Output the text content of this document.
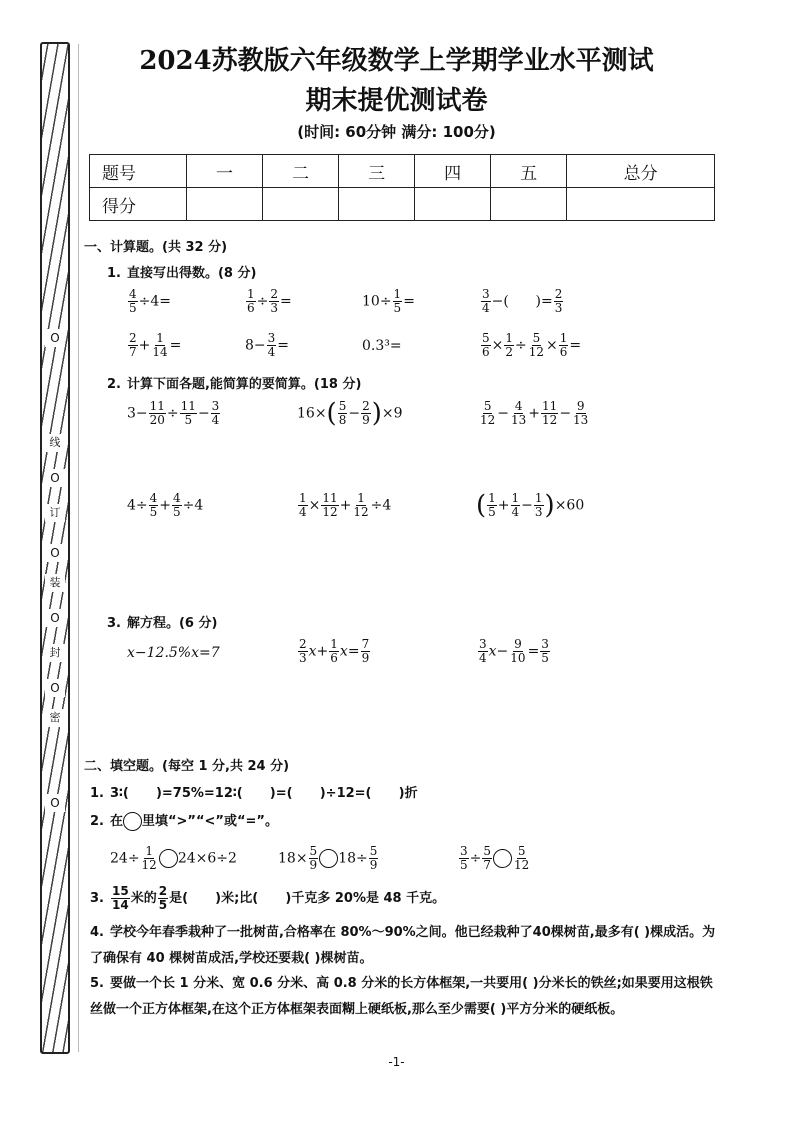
O
线
O
订
O
装
O
封
O
密
O
2024苏教版六年级数学上学期学业水平测试
期末提优测试卷
(时间: 60分钟 满分: 100分)
题号	一	二	三	四	五	总分
得分						
一、计算题。(共 32 分)
1. 直接写出得数。(8 分)
$\frac{4}{5} \div 4=$	$\frac{1}{6} \div \frac{2}{3}$ =	$10\div \frac{1}{5}$ =	$\frac{3}{4}$ −(      )= $\frac{2}{3}$
$\frac{2}{7} + \frac{1}{14}$ =	$8- \frac{3}{4}$ =	0.3³=	$\frac{5}{6} \times \frac{1}{2} \div \frac{5}{12} \times \frac{1}{6}$ =
2. 计算下面各题,能简算的要简算。(18 分)
$3- \frac{11}{20} \div \frac{11}{5} - \frac{3}{4}$	$16\times( \frac{5}{8} - \frac{2}{9} )\times 9$	$\frac{5}{12} - \frac{4}{13} + \frac{11}{12} - \frac{9}{13}$
$4\div \frac{4}{5} + \frac{4}{5} \div 4$	$\frac{1}{4} \times \frac{11}{12} + \frac{1}{12} \div 4$	( $\frac{1}{5} + \frac{1}{4} - \frac{1}{3} )\times 60$
3. 解方程。(6 分)
x−12.5%x=7	$\frac{2}{3} x+ \frac{1}{6} x= \frac{7}{9}$	$\frac{3}{4} x- \frac{9}{10} = \frac{3}{5}$
二、填空题。(每空 1 分,共 24 分)
1. 3∶(      )=75%=12∶(      )=(      )÷12=(      )折
2. 在 里填“>”“<”或“=”。
$24\div \frac{1}{12} 24\times 6\div 2$	$18\times \frac{5}{9} 18\div \frac{5}{9}$	$\frac{3}{5} \div \frac{5}{7} \frac{5}{12}$
3. $\frac{15}{14}$ 米的 $\frac{2}{5}$ 是(      )米;比(      )千克多 20%是 48 千克。
4. 学校今年春季栽种了一批树苗,合格率在 80%～90%之间。他已经栽种了40棵树苗,最多有( )棵成活。为了确保有 40 棵树苗成活,学校还要栽( )棵树苗。
5. 要做一个长 1 分米、宽 0.6 分米、高 0.8 分米的长方体框架,一共要用( )分米长的铁丝;如果要用这根铁丝做一个正方体框架,在这个正方体框架表面糊上硬纸板,那么至少需要( )平方分米的硬纸板。
-1-
